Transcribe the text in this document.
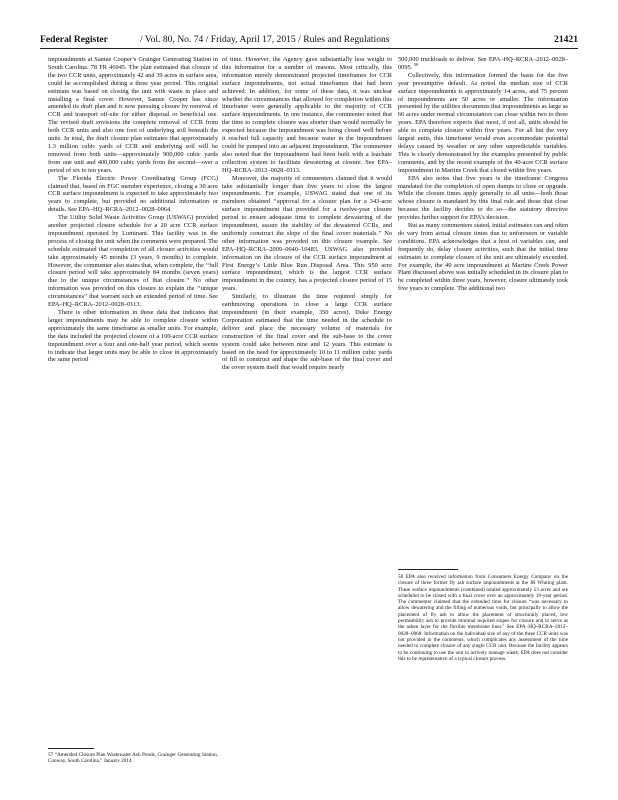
Federal Register	/ Vol. 80, No. 74 / Friday, April 17, 2015 / Rules and Regulations	21421

impoundments at Santee Cooper’s Grainger Generating Station in South Carolina. 78 FR 46945. The plan estimated that closure of the two CCR units, approximately 42 and 39 acres in surface area, could be accomplished during a three year period. This original estimate was based on closing the unit with waste in place and installing a final cover. However, Santee Cooper has since amended its draft plan and is now pursuing closure by removal of CCR and transport off-site for either disposal or beneficial use. The revised draft envisions the complete removal of CCR from both CCR units and also one foot of underlying soil beneath the units. In total, the draft closure plan estimates that approximately 1.3 million cubic yards of CCR and underlying soil will be removed from both units—approximately 900,000 cubic yards from one unit and 400,000 cubic yards from the second—over a period of six to ten years.

The Florida Electric Power Coordinating Group (FCG) claimed that, based on FGC member experience, closing a 30 acre CCR surface impoundment is expected to take approximately two years to complete, but provided no additional information or details. See EPA–HQ–RCRA–2012–0028–0064.

The Utility Solid Waste Activities Group (USWAG) provided another projected closure schedule for a 20 acre CCR surface impoundment operated by Luminant. This facility was in the process of closing the unit when the comments were prepared. The schedule estimated that completion of all closure activities would take approximately 45 months (3 years, 9 months) to complete. However, the commenter also states that, when complete, the ‘‘full closure period will take approximately 84 months (seven years) due to the unique circumstances of that closure.’’ No other information was provided on this closure to explain the ‘‘unique circumstances’’ that warrant such an extended period of time. See EPA–HQ–RCRA–2012–0028–0113.

There is other information in these data that indicates that larger impoundments may be able to complete closure within approximately the same timeframe as smaller units. For example, the data included the projected closure of a 100-acre CCR surface impoundment over a four and one-half year period, which seems to indicate that larger units may be able to close in approximately the same period

of time. However, the Agency gave substantially less weight to this information for a number of reasons. Most critically, this information merely demonstrated projected timeframes for CCR surface impoundments, not actual timeframes that had been achieved. In addition, for some of these data, it was unclear whether the circumstances that allowed for completion within this timeframe were generally applicable to the majority of CCR surface impoundments. In one instance, the commenter noted that the time to complete closure was shorter than would normally be expected because the impoundment was being closed well before it reached full capacity and because water in the impoundment could be pumped into an adjacent impoundment. The commenter also noted that the impoundment had been built with a leachate collection system to facilitate dewatering at closure. See EPA–HQ–RCRA–2012–0028–0113.

Moreover, the majority of commenters claimed that it would take substantially longer than five years to close the largest impoundments. For example, USWAG stated that one of its members obtained ‘‘approval for a closure plan for a 343-acre surface impoundment that provided for a twelve-year closure period to ensure adequate time to complete dewatering of the impoundment, assure the stability of the dewatered CCRs, and uniformly construct the slope of the final cover materials.’’ No other information was provided on this closure example. See EPA–HQ–RCRA–2009–0640–10483. USWAG also provided information on the closure of the CCR surface impoundment at First Energy’s Little Blue Run Disposal Area. This 950 acre surface impoundment, which is the largest CCR surface impoundment in the country, has a projected closure period of 15 years.

Similarly, to illustrate the time required simply for earthmoving operations to close a large CCR surface impoundment (in their example, 350 acres), Duke Energy Corporation estimated that the time needed in the schedule to deliver and place the necessary volume of materials for construction of the final cover and the sub-base to the cover system could take between nine and 12 years. This estimate is based on the need for approximately 10 to 11 million cubic yards of fill to construct and shape the sub-base of the final cover and the cover system itself that would require nearly

500,000 truckloads to deliver. See EPA–HQ–RCRA–2012–0028–0095. $^{58}$

Collectively, this information formed the basis for the five year presumptive default. As noted the median size of CCR surface impoundments is approximately 14 acres, and 75 percent of impoundments are 50 acres or smaller. The information presented by the utilities documents that impoundments as large as 66 acres under normal circumstances can close within two to three years. EPA therefore expects that most, if not all, units should be able to complete closure within five years. For all but the very largest units, this timeframe would even accommodate potential delays caused by weather or any other unpredictable variables. This is clearly demonstrated by the examples presented by public comments, and by the recent example of the 40-acre CCR surface impoundment in Martins Creek that closed within five years.

EPA also notes that five years is the timeframe Congress mandated for the completion of open dumps to close or upgrade. While the closure times apply generally to all units—both those whose closure is mandated by this final rule and those that close because the facility decides to do so—the statutory directive provides further support for EPA’s decision.

But as many commenters stated, initial estimates can and often do vary from actual closure times due to unforeseen or variable conditions. EPA acknowledges that a host of variables can, and frequently do, delay closure activities, such that the initial time estimates to complete closure of the unit are ultimately exceeded. For example, the 40 acre impoundment at Martins Creek Power Plant discussed above was initially scheduled in its closure plan to be completed within three years, however, closure ultimately took five years to complete. The additional two

57 “Amended Closure Plan Wastewater Ash Ponds, Grainger Generating Station, Conway, South Carolina,” January 2014.
58 EPA also received information from Consumers Energy Company on the closure of three former fly ash surface impoundments at the JR Whiting plant. These surface impoundments (combined) totaled approximately 53 acres and are scheduled to be closed with a final cover over an approximately 10-year period. The commenter claimed that the extended time for closure “was necessary to allow dewatering and the filling of numerous voids, but principally to allow the placement of fly ash to allow the placement of structurally placed, low permeability ash to provide minimal required slopes for closure and to serve as the ashen layer for the flexible membrane liner.” See EPA–HQ–RCRA–2012–0028–0068. Information on the individual size of any of the three CCR units was not provided in the comments, which complicates any assessment of the time needed to complete closure of any single CCR unit. Because the facility appears to be continuing to use the unit to actively manage waste, EPA does not consider this to be representative of a typical closure process.
